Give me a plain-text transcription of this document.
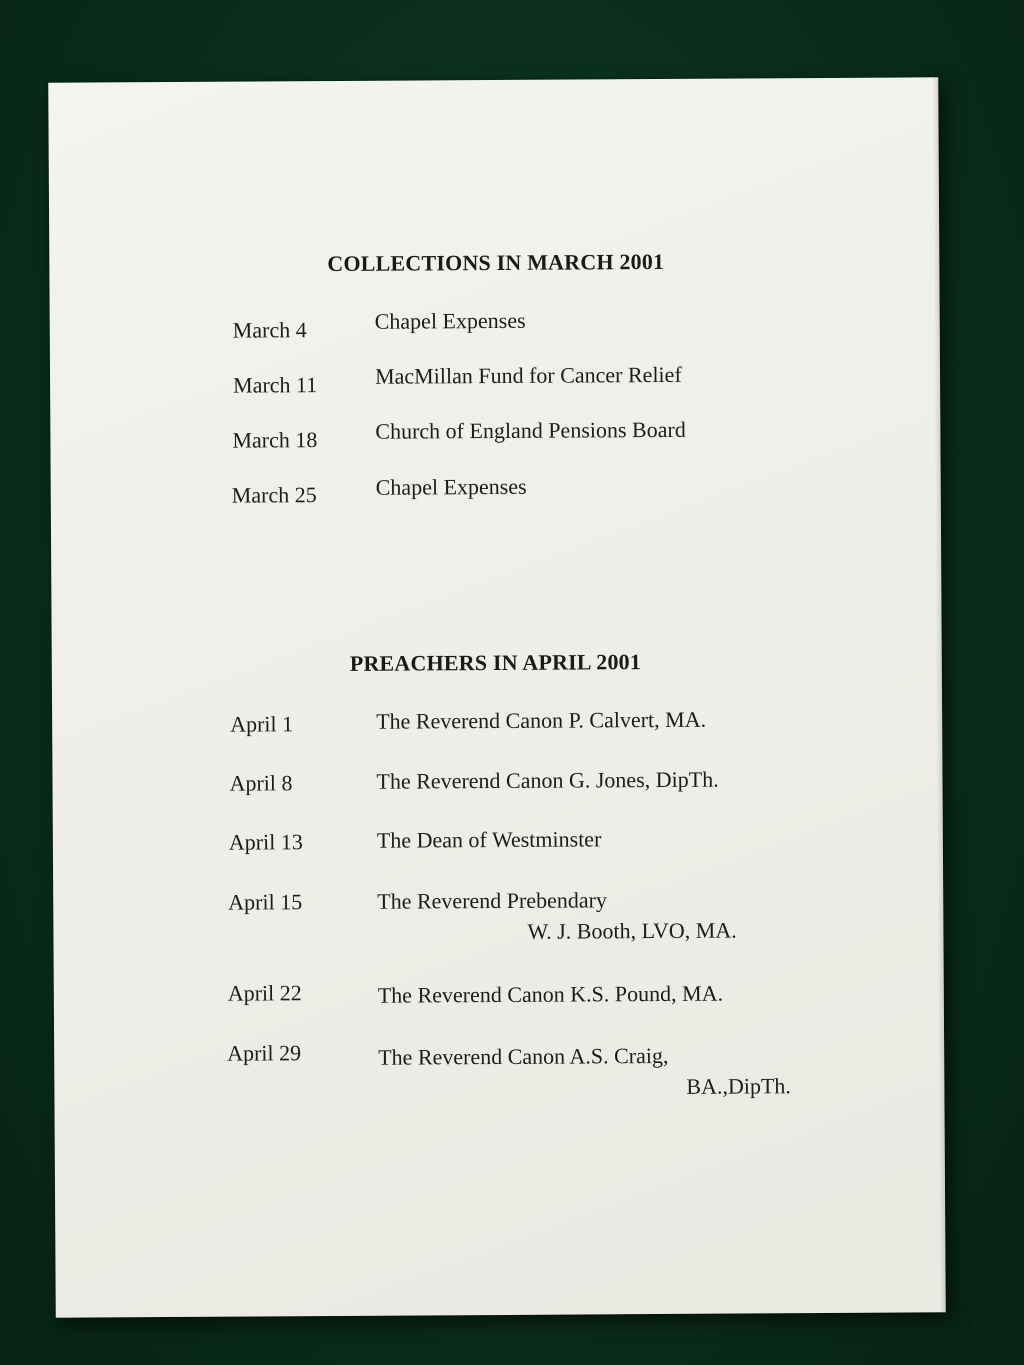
COLLECTIONS IN MARCH 2001
March 4	Chapel Expenses
March 11	MacMillan Fund for Cancer Relief
March 18	Church of England Pensions Board
March 25	Chapel Expenses
PREACHERS IN APRIL 2001
April 1	The Reverend Canon P. Calvert, MA.
April 8	The Reverend Canon G. Jones, DipTh.
April 13	The Dean of Westminster
April 15	The Reverend Prebendary
W. J. Booth, LVO, MA.
April 22	The Reverend Canon K.S. Pound, MA.
April 29	The Reverend Canon A.S. Craig,
BA.,DipTh.
